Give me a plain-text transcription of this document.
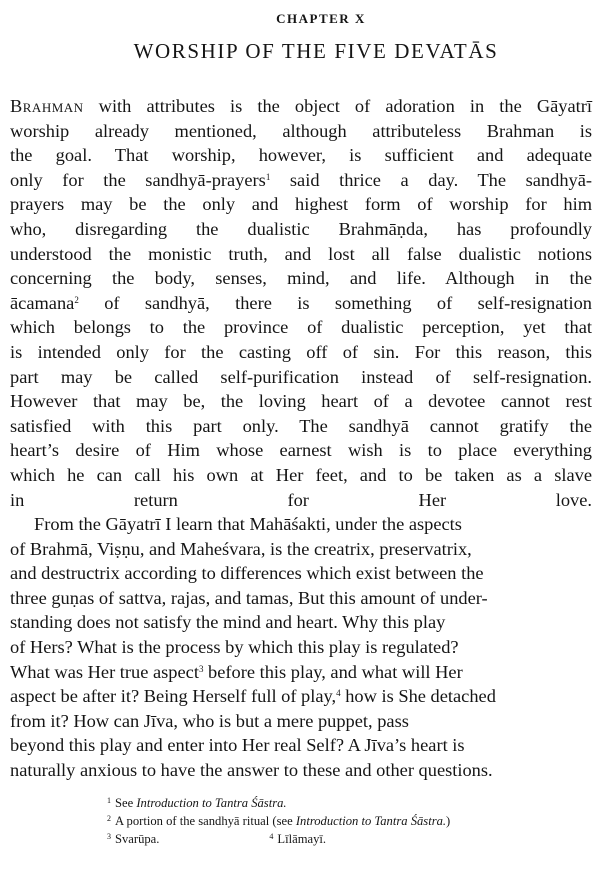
CHAPTER X
WORSHIP OF THE FIVE DEVATĀS

Brahman with attributes is the object of adoration in the Gāyatrī
worship already mentioned, although attributeless Brahman is
the goal. That worship, however, is sufficient and adequate
only for the sandhyā-prayers$^1$ said thrice a day. The sandhyā-
prayers may be the only and highest form of worship for him
who, disregarding the dualistic Brahmāṇda, has profoundly
understood the monistic truth, and lost all false dualistic notions
concerning the body, senses, mind, and life. Although in the
ācamana$^2$ of sandhyā, there is something of self-resignation
which belongs to the province of dualistic perception, yet that
is intended only for the casting off of sin. For this reason, this
part may be called self-purification instead of self-resignation.
However that may be, the loving heart of a devotee cannot rest
satisfied with this part only. The sandhyā cannot gratify the
heart’s desire of Him whose earnest wish is to place everything
which he can call his own at Her feet, and to be taken as a slave
in return for Her love.

From the Gāyatrī I learn that Mahāśakti, under the aspects
of Brahmā, Viṣṇu, and Maheśvara, is the creatrix, preservatrix,
and destructrix according to differences which exist between the
three guṇas of sattva, rajas, and tamas, But this amount of under-
standing does not satisfy the mind and heart. Why this play
of Hers? What is the process by which this play is regulated?
What was Her true aspect$^3$ before this play, and what will Her
aspect be after it? Being Herself full of play,$^4$ how is She detached
from it? How can Jīva, who is but a mere puppet, pass
beyond this play and enter into Her real Self? A Jīva’s heart is
naturally anxious to have the answer to these and other questions.

$^1$ See Introduction to Tantra Śāstra.
$^2$ A portion of the sandhyā ritual (see Introduction to Tantra Śāstra.)
$^3$ Svarūpa.	$^4$ Līlāmayī.
